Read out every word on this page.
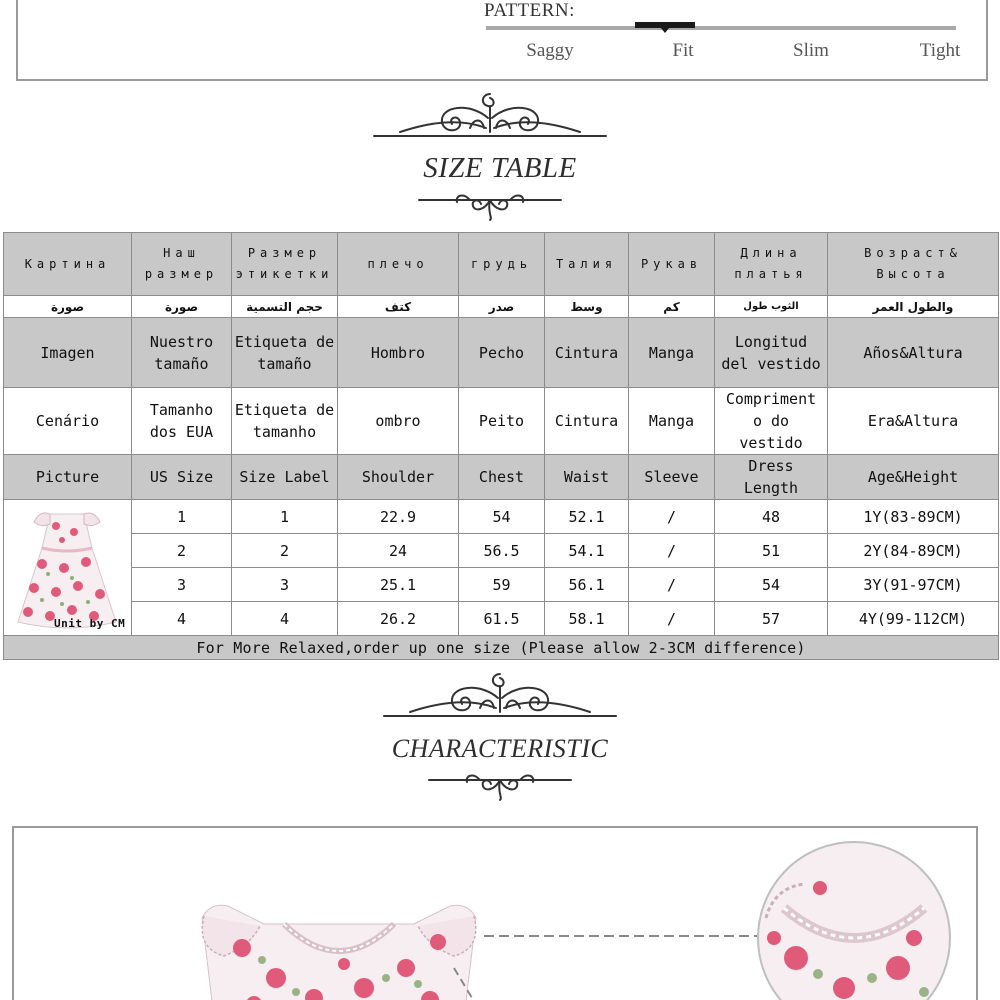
PATTERN:
Saggy	Fit	Slim	Tight
SIZE TABLE
Картина	Наш размер	Размер этикетки	плечо	грудь	Талия	Рукав	Длина платья	Возраст& Высота
صورة	صورة	حجم التسمية	كتف	صدر	وسط	كم	الثوب طول	والطول العمر
Imagen	Nuestro tamaño	Etiqueta de tamaño	Hombro	Pecho	Cintura	Manga	Longitud del vestido	Años&Altura
Cenário	Tamanho dos EUA	Etiqueta de tamanho	ombro	Peito	Cintura	Manga	Compriment o do vestido	Era&Altura
Picture	US Size	Size Label	Shoulder	Chest	Waist	Sleeve	Dress Length	Age&Height

Unit by CM	1	1	22.9	54	52.1	/	48	1Y(83-89CM)
	2	2	24	56.5	54.1	/	51	2Y(84-89CM)
	3	3	25.1	59	56.1	/	54	3Y(91-97CM)
	4	4	26.2	61.5	58.1	/	57	4Y(99-112CM)
For More Relaxed,order up one size (Please allow 2-3CM difference)								
CHARACTERISTIC
